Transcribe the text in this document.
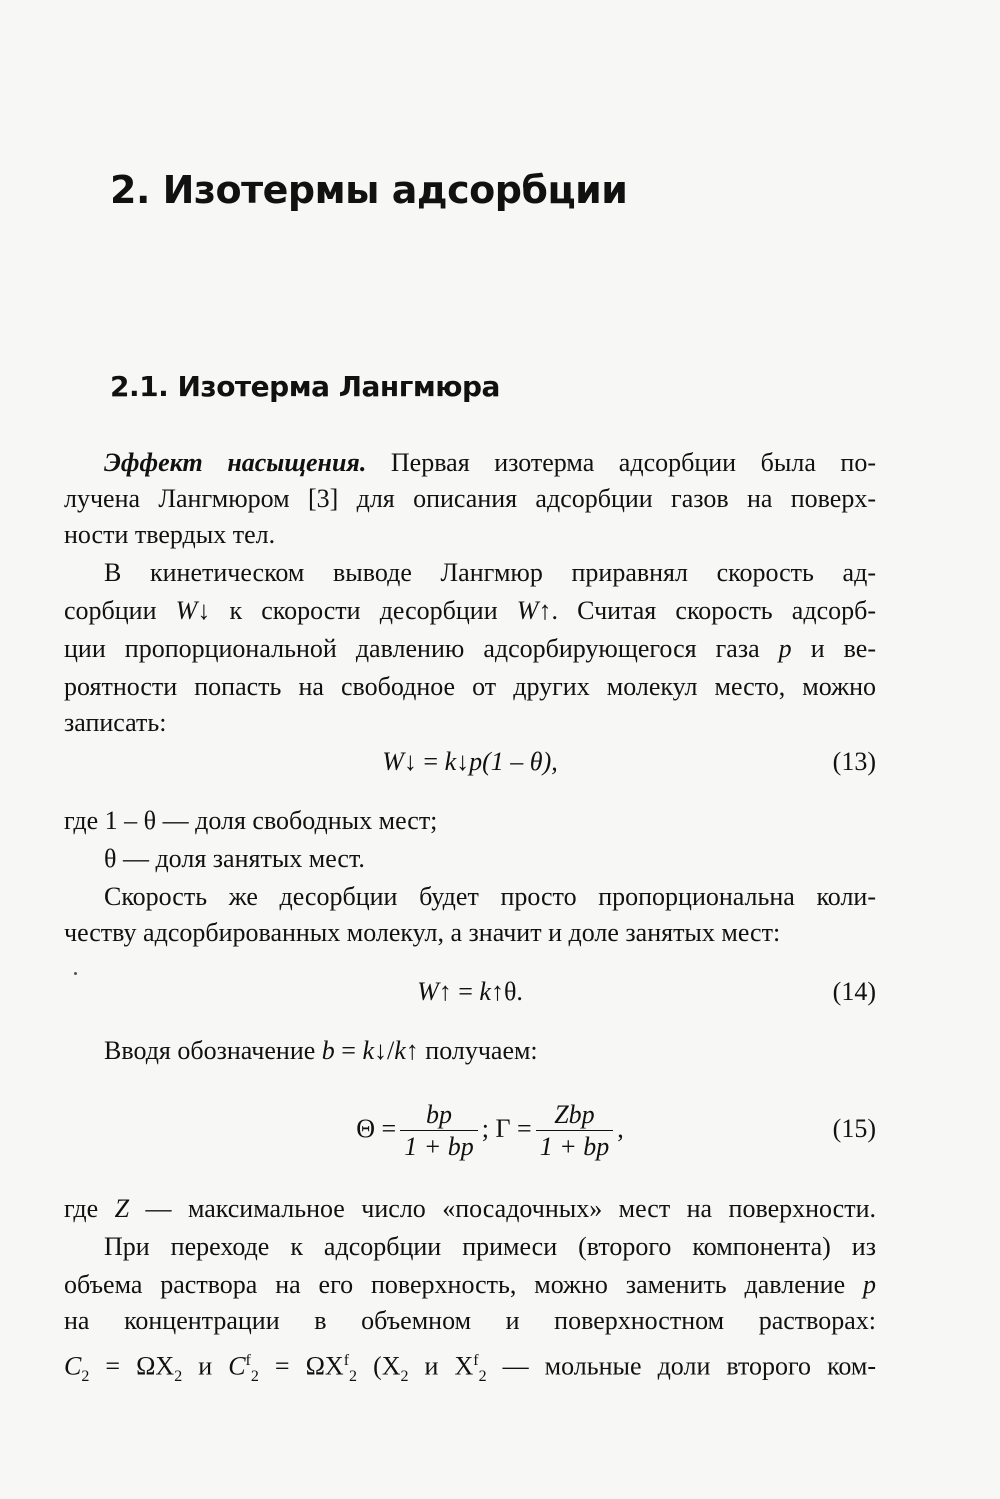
2. Изотермы адсорбции
2.1. Изотерма Лангмюра
Эффект насыщения. Первая изотерма адсорбции была по-
лучена Лангмюром [3] для описания адсорбции газов на поверх-
ности твердых тел.
В кинетическом выводе Лангмюр приравнял скорость ад-
сорбции W↓ к скорости десорбции W↑. Считая скорость адсорб-
ции пропорциональной давлению адсорбирующегося газа p и ве-
роятности попасть на свободное от других молекул место, можно
записать:
W↓ = k↓p(1 – θ),	(13)
где 1 – θ — доля свободных мест;
θ — доля занятых мест.
Скорость же десорбции будет просто пропорциональна коли-
честву адсорбированных молекул, а значит и доле занятых мест:
W↑ = k↑θ.	(14)
Вводя обозначение b = k↓/k↑ получаем:
$\Theta = \frac{bp}{1 + bp}$ ; $\Gamma = \frac{\text{Zbp}}{1 + bp}$ ,	(15)
где Z — максимальное число «посадочных» мест на поверхности.
При переходе к адсорбции примеси (второго компонента) из
объема раствора на его поверхность, можно заменить давление p
на концентрации в объемном и поверхностном растворах:
$C_2 = \Omega X_2$ и $C^f_2 = \Omega X^f_2$ ($X_2$ и $X^f_2$ — мольные доли второго ком-
